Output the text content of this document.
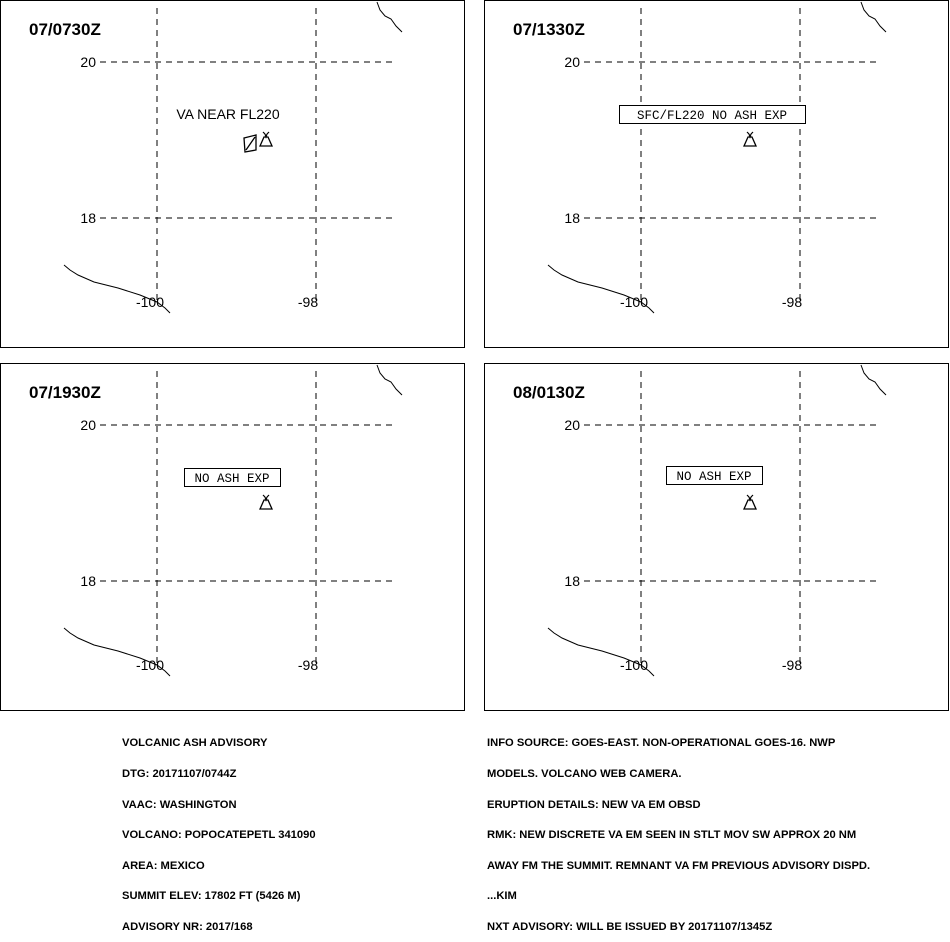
20
18
-100	-98
07/0730Z
VA NEAR FL220
20
18
-100	-98
07/1330Z
SFC/FL220 NO ASH EXP
20
18
-100	-98
07/1930Z
NO ASH EXP
20
18
-100	-98
08/0130Z
NO ASH EXP

VOLCANIC ASH ADVISORY

DTG: 20171107/0744Z

VAAC: WASHINGTON

VOLCANO: POPOCATEPETL 341090

AREA: MEXICO

SUMMIT ELEV: 17802 FT (5426 M)

ADVISORY NR: 2017/168

INFO SOURCE: GOES-EAST. NON-OPERATIONAL GOES-16. NWP

MODELS. VOLCANO WEB CAMERA.

ERUPTION DETAILS: NEW VA EM OBSD

RMK: NEW DISCRETE VA EM SEEN IN STLT MOV SW APPROX 20 NM

AWAY FM THE SUMMIT. REMNANT VA FM PREVIOUS ADVISORY DISPD.

...KIM

NXT ADVISORY: WILL BE ISSUED BY 20171107/1345Z
